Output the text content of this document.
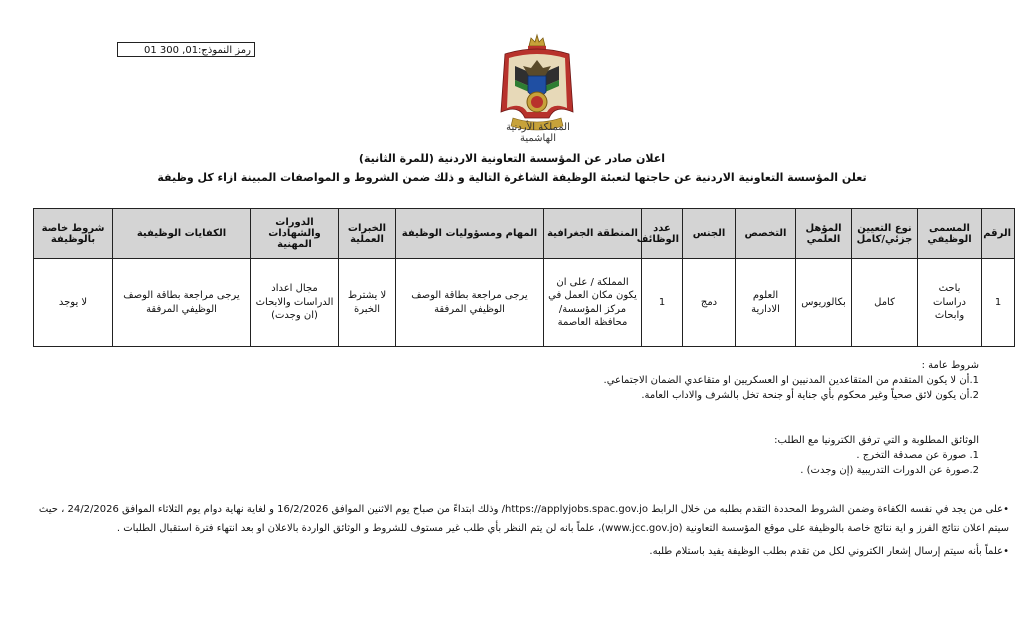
رمز النموذج:
01 300 ,01 -
المملكة الأردنية الهاشمية
اعلان صادر عن المؤسسة التعاونية الاردنية (للمرة الثانية)
تعلن المؤسسة التعاونية الاردنية عن حاجتها لتعبئة الوظيفة الشاغرة التالية و ذلك ضمن الشروط و المواصفات المبينة ازاء كل وظيفة
الرقم	المسمى الوظيفي	نوع التعيين جزئي/كامل	المؤهل العلمي	التخصص	الجنس	عدد الوظائف	المنطقة الجغرافية	المهام ومسؤوليات الوظيفة	الخبرات العملية	الدورات والشهادات المهنية	الكفايات الوظيفية	شروط خاصة بالوظيفة
1	باحث دراسات وابحاث	كامل	بكالوريوس	العلوم الادارية	دمج	1	المملكة / على ان يكون مكان العمل في مركز المؤسسة/ محافظة العاصمة	يرجى مراجعة بطاقة الوصف الوظيفي المرفقة	لا يشترط الخبرة	مجال اعداد الدراسات والابحاث (ان وجدت)	يرجى مراجعة بطاقة الوصف الوظيفي المرفقة	لا يوجد
شروط عامة :
1.أن لا يكون المتقدم من المتقاعدين المدنيين او العسكريين او متقاعدي الضمان الاجتماعي.
2.أن يكون لائق صحياً وغير محكوم بأي جناية أو جنحة تخل بالشرف والاداب العامة.
الوثائق المطلوبة و التي ترفق الكترونيا مع الطلب:
1. صورة عن مصدقة التخرج .
2.صورة عن الدورات التدريبية (إن وجدت) .
•على من يجد في نفسه الكفاءة وضمن الشروط المحددة التقدم بطلبه من خلال الرابط https://applyjobs.spac.gov.jo/ وذلك ابتداءً من صباح يوم الاثنين الموافق 16/2/2026 و لغاية نهاية دوام يوم الثلاثاء الموافق 24/2/2026 ، حيث سيتم اعلان نتائج الفرز و اية نتائج خاصة بالوظيفة على موقع المؤسسة التعاونية (www.jcc.gov.jo)، علماً بانه لن يتم النظر بأي طلب غير مستوف للشروط و الوثائق الواردة بالاعلان او بعد انتهاء فترة استقبال الطلبات .
•علماً بأنه سيتم إرسال إشعار الكتروني لكل من تقدم بطلب الوظيفة يفيد باستلام طلبه.
